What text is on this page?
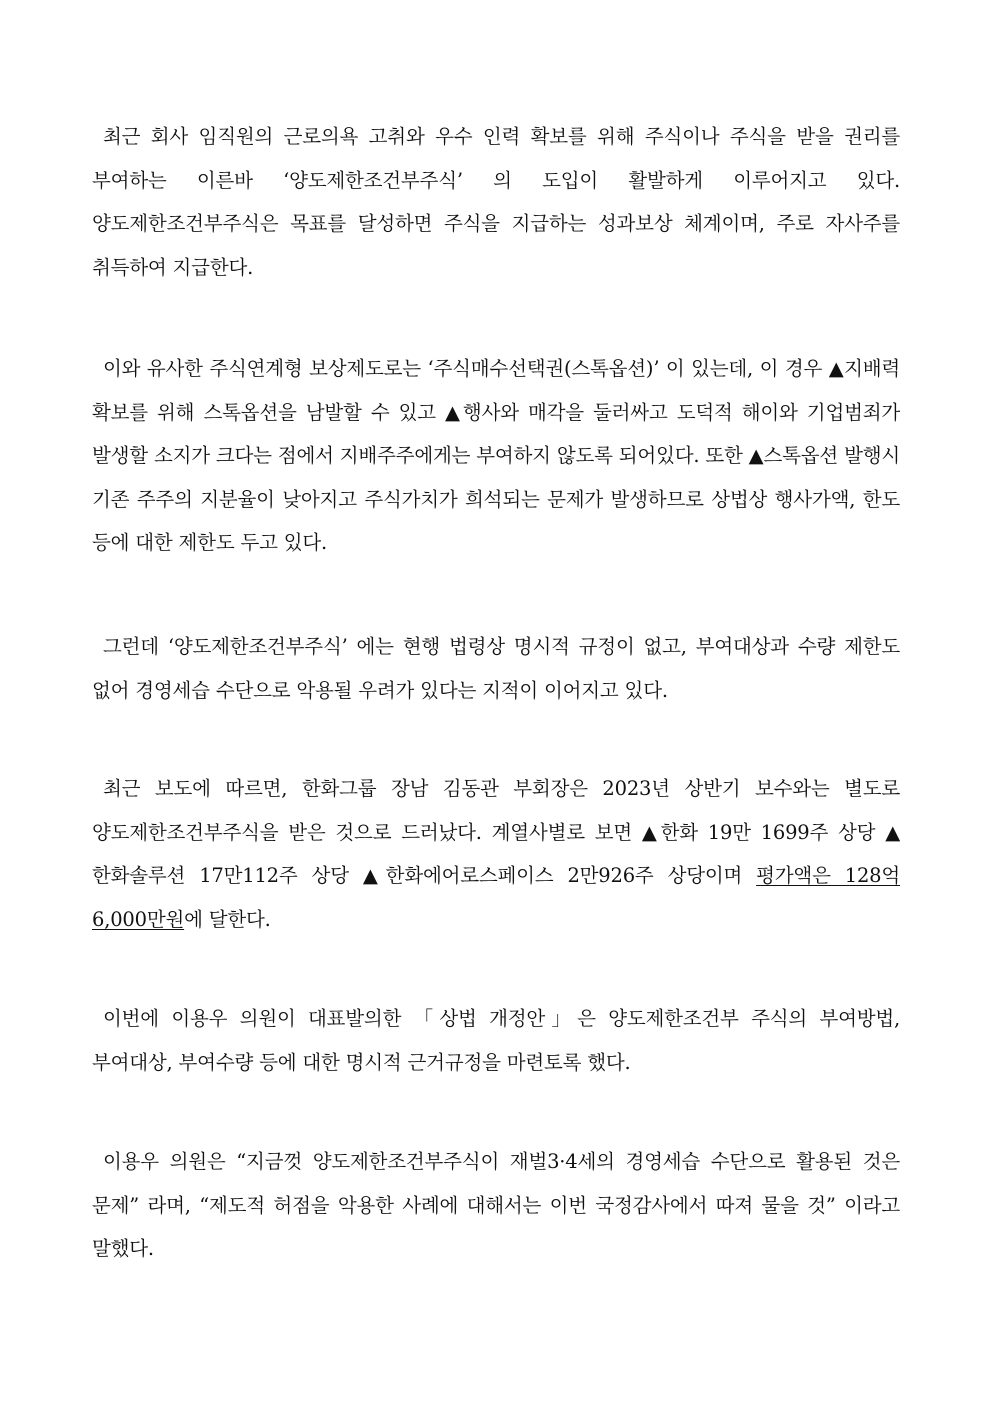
최근 회사 임직원의 근로의욕 고취와 우수 인력 확보를 위해 주식이나 주식을 받을 권리를 부여하는 이른바 ‘양도제한조건부주식’ 의 도입이 활발하게 이루어지고 있다. 양도제한조건부주식은 목표를 달성하면 주식을 지급하는 성과보상 체계이며, 주로 자사주를 취득하여 지급한다.

이와 유사한 주식연계형 보상제도로는 ‘주식매수선택권(스톡옵션)’ 이 있는데, 이 경우 ▲지배력 확보를 위해 스톡옵션을 남발할 수 있고 ▲행사와 매각을 둘러싸고 도덕적 해이와 기업범죄가 발생할 소지가 크다는 점에서 지배주주에게는 부여하지 않도록 되어있다. 또한 ▲스톡옵션 발행시 기존 주주의 지분율이 낮아지고 주식가치가 희석되는 문제가 발생하므로 상법상 행사가액, 한도 등에 대한 제한도 두고 있다.

그런데 ‘양도제한조건부주식’ 에는 현행 법령상 명시적 규정이 없고, 부여대상과 수량 제한도 없어 경영세습 수단으로 악용될 우려가 있다는 지적이 이어지고 있다.

최근 보도에 따르면, 한화그룹 장남 김동관 부회장은 2023년 상반기 보수와는 별도로 양도제한조건부주식을 받은 것으로 드러났다. 계열사별로 보면 ▲한화 19만 1699주 상당 ▲한화솔루션 17만112주 상당 ▲한화에어로스페이스 2만926주 상당이며 평가액은 128억 6,000만원에 달한다.

이번에 이용우 의원이 대표발의한 「상법 개정안」은 양도제한조건부 주식의 부여방법, 부여대상, 부여수량 등에 대한 명시적 근거규정을 마련토록 했다.

이용우 의원은 “지금껏 양도제한조건부주식이 재벌3·4세의 경영세습 수단으로 활용된 것은 문제” 라며, “제도적 허점을 악용한 사례에 대해서는 이번 국정감사에서 따져 물을 것” 이라고 말했다.
